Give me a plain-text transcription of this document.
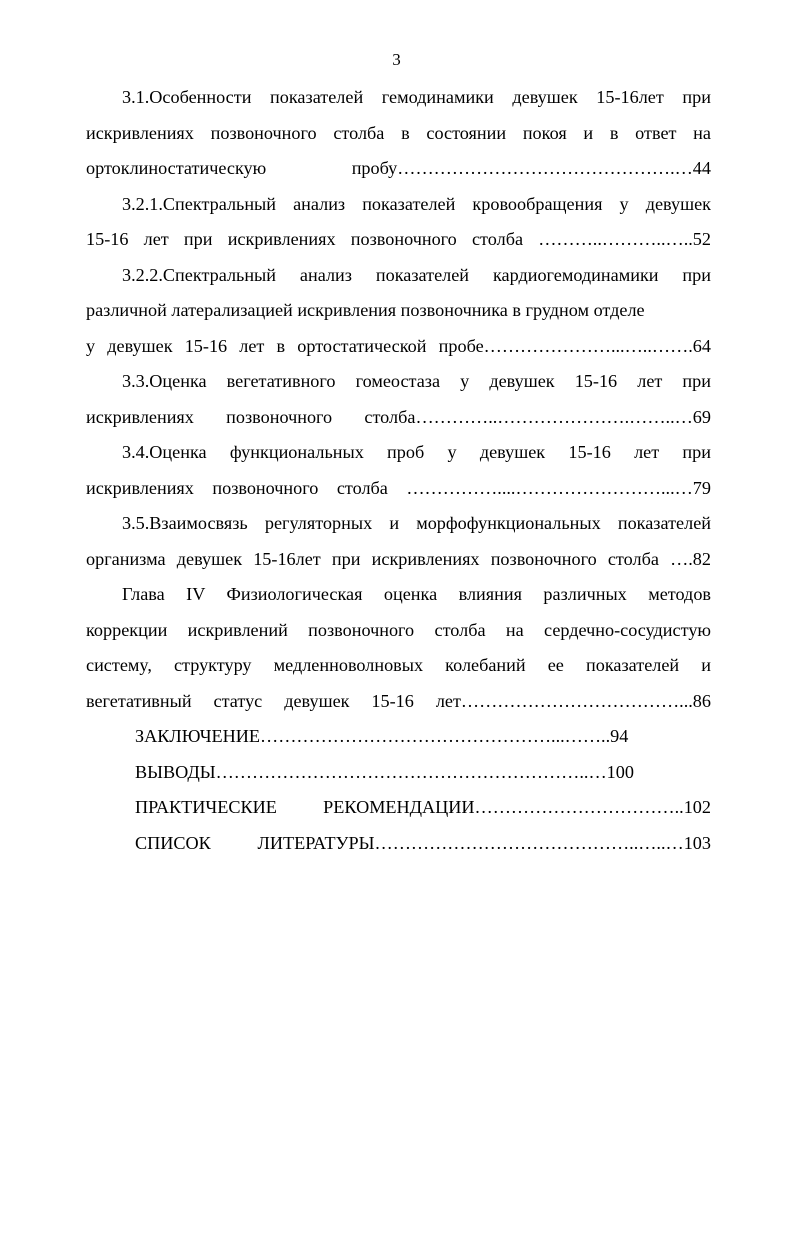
3
3.1.Особенности показателей гемодинамики девушек 15-16лет при
искривлениях позвоночного столба в состоянии покоя и в ответ на
ортоклиностатическую пробу……………………………………….…44
3.2.1.Спектральный анализ показателей кровообращения у девушек
15-16 лет при искривлениях позвоночного столба ………..………..…..52
3.2.2.Спектральный анализ показателей кардиогемодинамики при
различной латерализацией искривления позвоночника в грудном отделе
у девушек 15-16 лет в ортостатической пробе…………………...…..…….64
3.3.Оценка вегетативного гомеостаза у девушек 15-16 лет при
искривлениях позвоночного столба…………..………………….……..…69
3.4.Оценка функциональных проб у девушек 15-16 лет при
искривлениях позвоночного столба ……………....……………………...…79
3.5.Взаимосвязь регуляторных и морфофункциональных показателей
организма девушек 15-16лет при искривлениях позвоночного столба ….82
Глава IV Физиологическая оценка влияния различных методов
коррекции искривлений позвоночного столба на сердечно-сосудистую
системy, структуру медленноволновых колебаний ее показателей и
вегетативный статус девушек 15-16 лет………………………………...86
ЗАКЛЮЧЕНИЕ…………………………………………...……..94
ВЫВОДЫ……………………………………………………..…100
ПРАКТИЧЕСКИЕ РЕКОМЕНДАЦИИ……………………………..102
СПИСОК ЛИТЕРАТУРЫ……………………………………..…..…103
